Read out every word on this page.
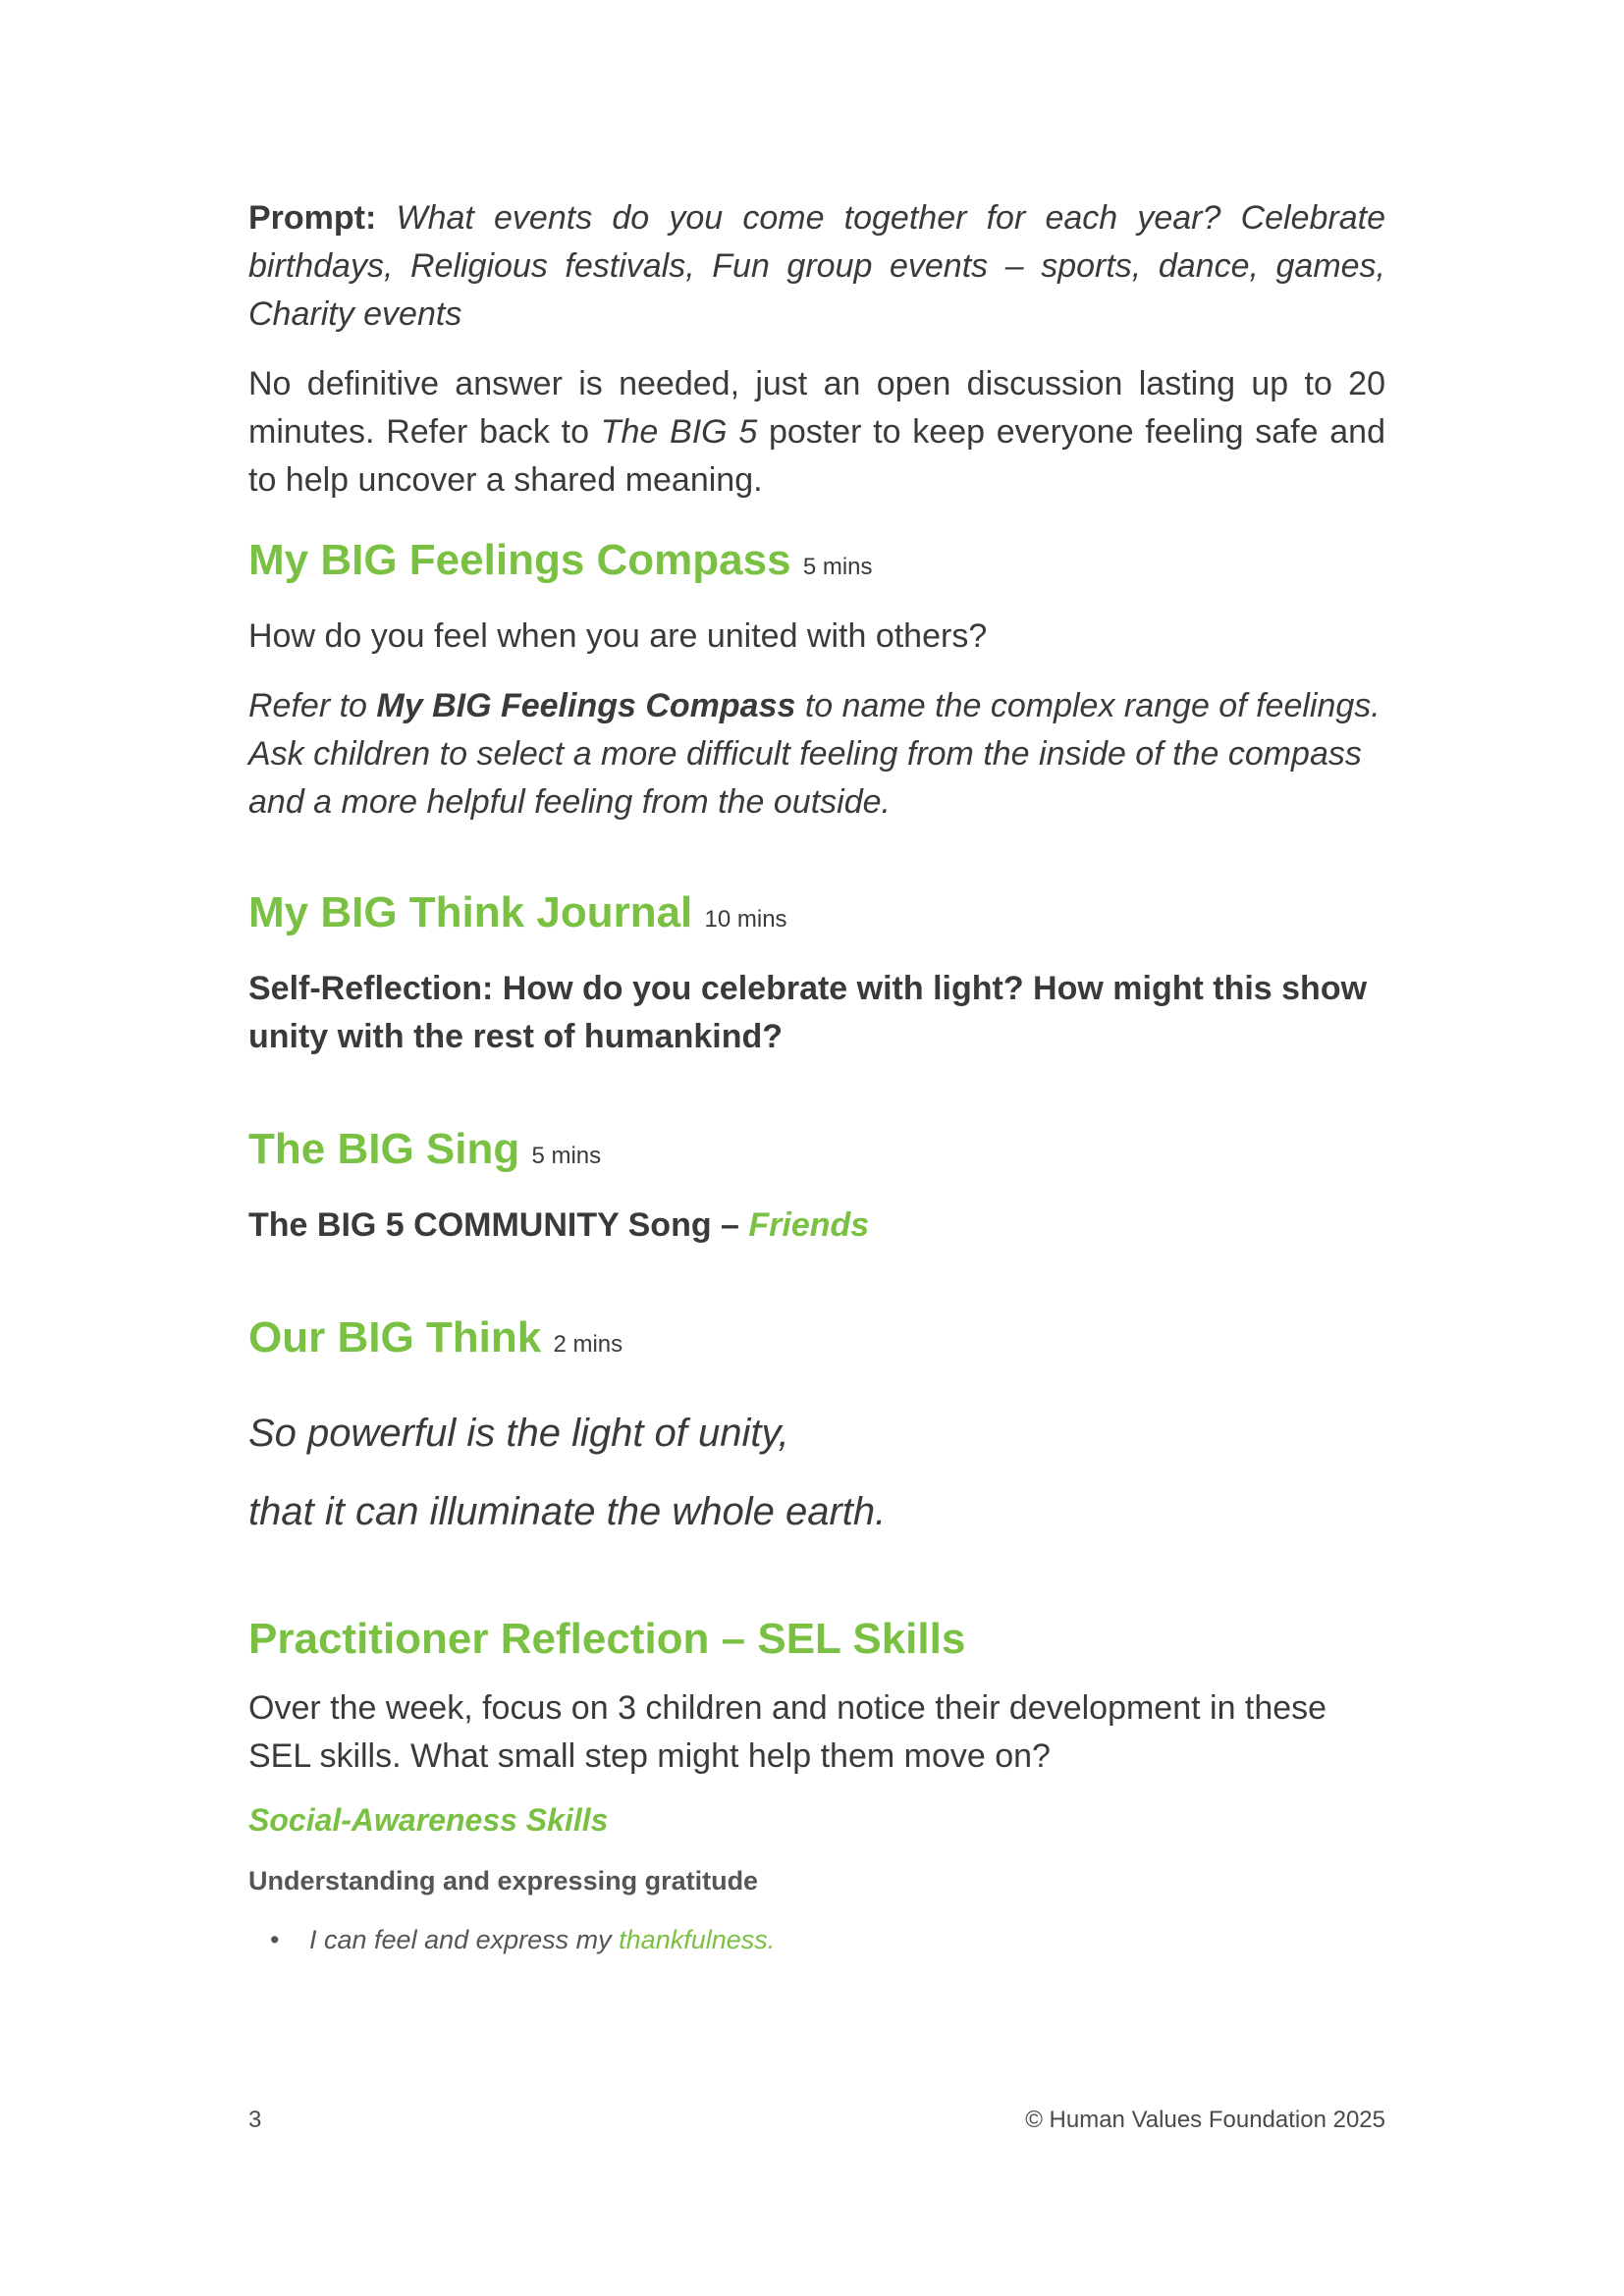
Prompt: What events do you come together for each year? Celebrate birthdays, Religious festivals, Fun group events – sports, dance, games, Charity events

No definitive answer is needed, just an open discussion lasting up to 20 minutes. Refer back to The BIG 5 poster to keep everyone feeling safe and to help uncover a shared meaning.

My BIG Feelings Compass 5 mins

How do you feel when you are united with others?

Refer to My BIG Feelings Compass to name the complex range of feelings. Ask children to select a more difficult feeling from the inside of the compass and a more helpful feeling from the outside.

My BIG Think Journal 10 mins

Self-Reflection: How do you celebrate with light? How might this show unity with the rest of humankind?

The BIG Sing 5 mins

The BIG 5 COMMUNITY Song – Friends

Our BIG Think 2 mins

So powerful is the light of unity,

that it can illuminate the whole earth.

Practitioner Reflection – SEL Skills

Over the week, focus on 3 children and notice their development in these SEL skills. What small step might help them move on?

Social-Awareness Skills

Understanding and expressing gratitude

•	I can feel and express my thankfulness.
3	© Human Values Foundation 2025
